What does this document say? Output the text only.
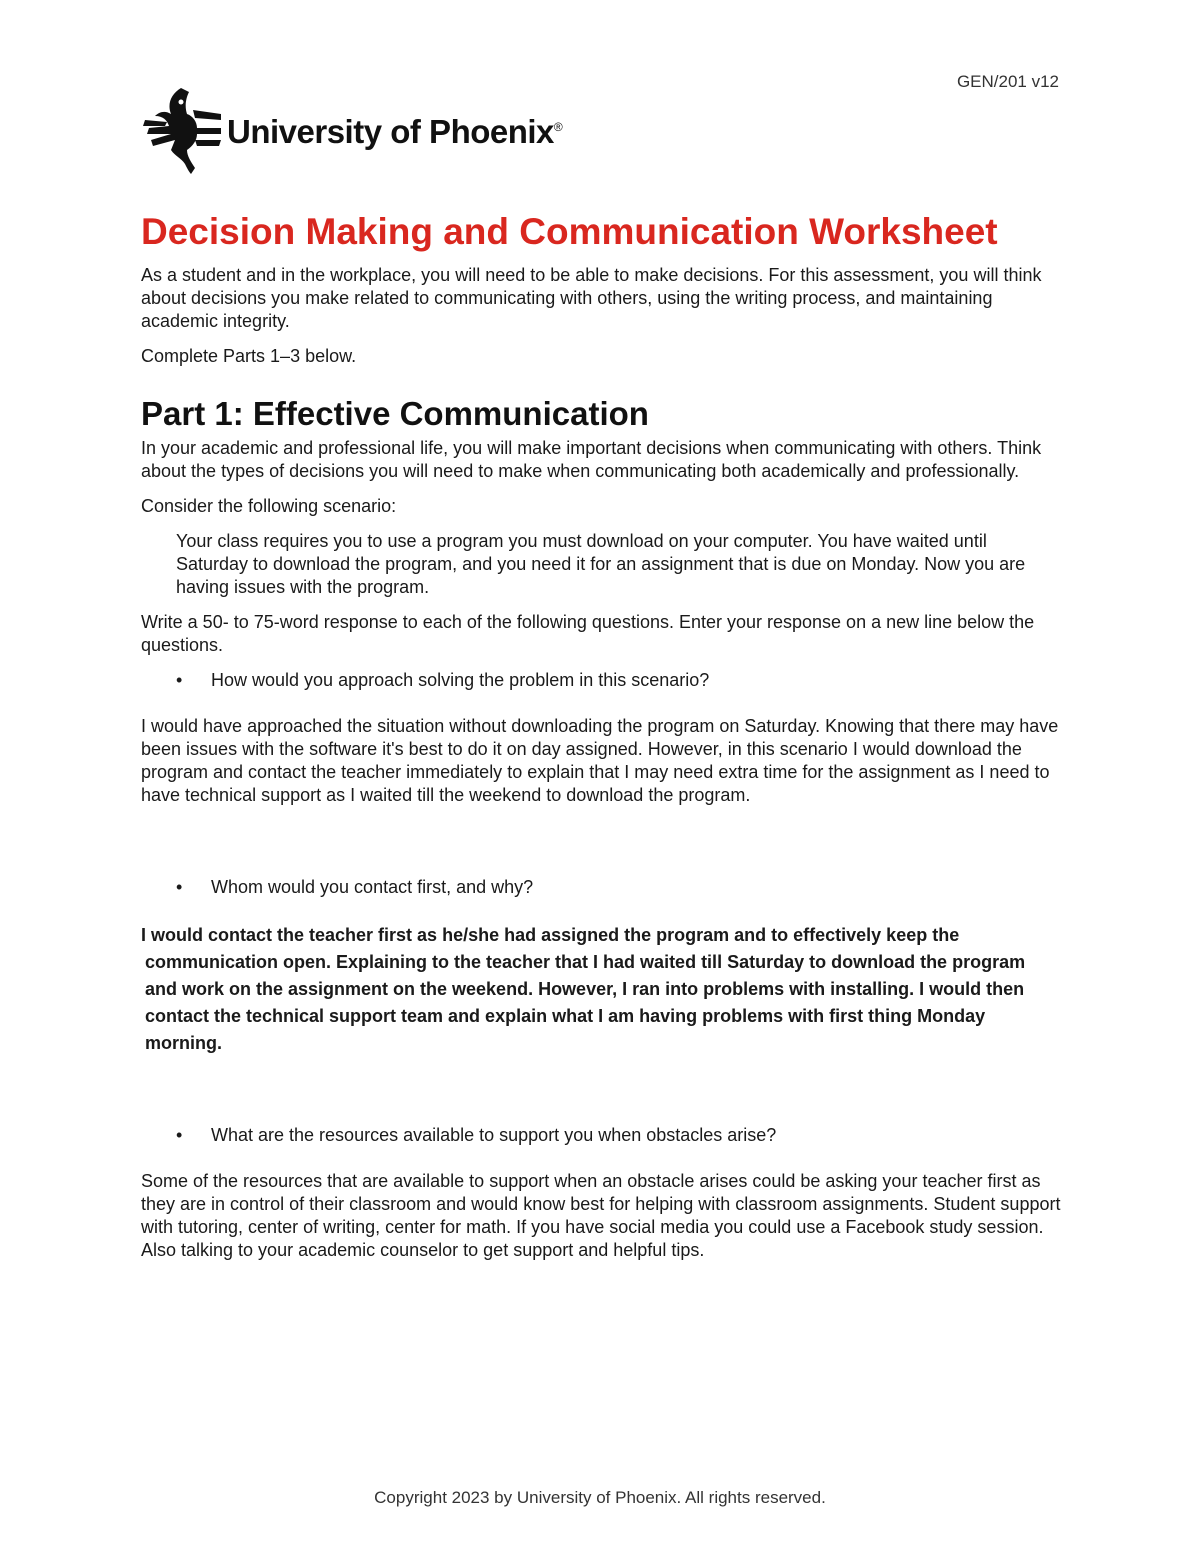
GEN/201 v12
University of Phoenix®
Decision Making and Communication Worksheet

As a student and in the workplace, you will need to be able to make decisions. For this assessment, you will think about decisions you make related to communicating with others, using the writing process, and maintaining academic integrity.

Complete Parts 1–3 below.

Part 1: Effective Communication

In your academic and professional life, you will make important decisions when communicating with others. Think about the types of decisions you will need to make when communicating both academically and professionally.

Consider the following scenario:

Your class requires you to use a program you must download on your computer. You have waited until Saturday to download the program, and you need it for an assignment that is due on Monday. Now you are having issues with the program.

Write a 50- to 75-word response to each of the following questions. Enter your response on a new line below the questions.

• How would you approach solving the problem in this scenario?

I would have approached the situation without downloading the program on Saturday. Knowing that there may have been issues with the software it's best to do it on day assigned. However, in this scenario I would download the program and contact the teacher immediately to explain that I may need extra time for the assignment as I need to have technical support as I waited till the weekend to download the program.

• Whom would you contact first, and why?

I would contact the teacher first as he/she had assigned the program and to effectively keep the communication open. Explaining to the teacher that I had waited till Saturday to download the program and work on the assignment on the weekend. However, I ran into problems with installing. I would then contact the technical support team and explain what I am having problems with first thing Monday morning.

• What are the resources available to support you when obstacles arise?

Some of the resources that are available to support when an obstacle arises could be asking your teacher first as they are in control of their classroom and would know best for helping with classroom assignments. Student support with tutoring, center of writing, center for math. If you have social media you could use a Facebook study session. Also talking to your academic counselor to get support and helpful tips.

Copyright 2023 by University of Phoenix. All rights reserved.
